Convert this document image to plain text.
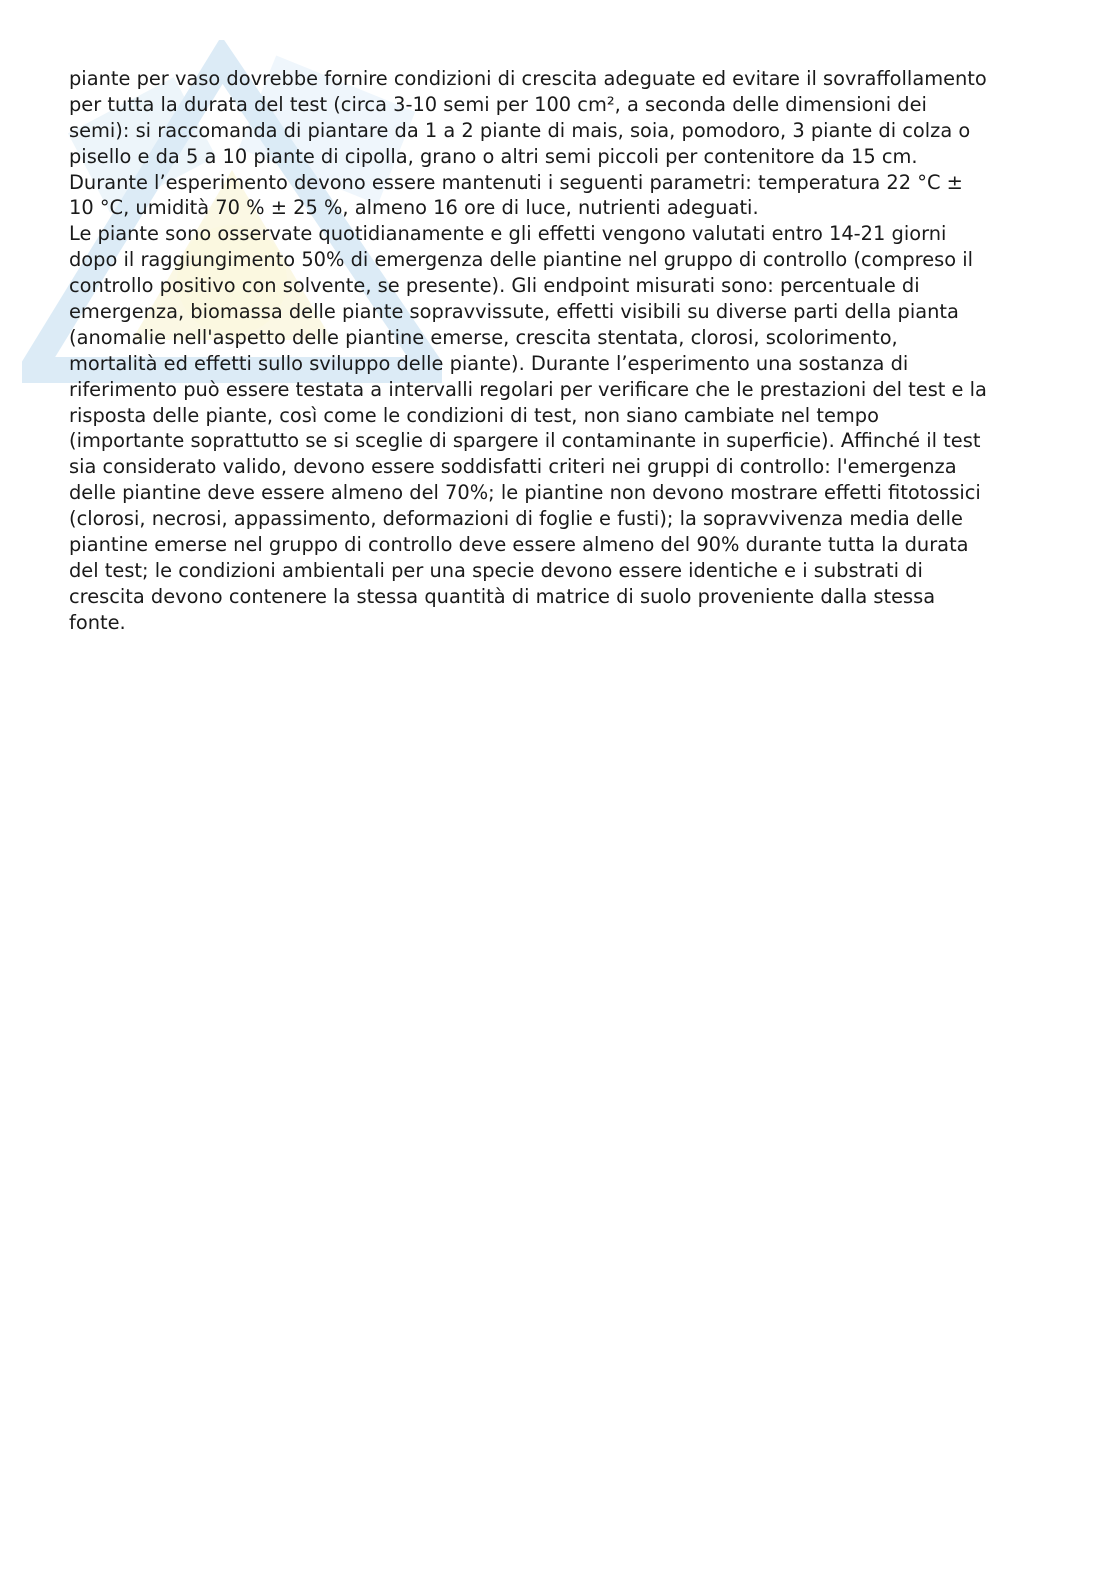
piante per vaso dovrebbe fornire condizioni di crescita adeguate ed evitare il sovraffollamento
per tutta la durata del test (circa 3-10 semi per 100 cm², a seconda delle dimensioni dei
semi): si raccomanda di piantare da 1 a 2 piante di mais, soia, pomodoro, 3 piante di colza o
pisello e da 5 a 10 piante di cipolla, grano o altri semi piccoli per contenitore da 15 cm.
Durante l’esperimento devono essere mantenuti i seguenti parametri: temperatura 22 °C ±
10 °C, umidità 70 % ± 25 %, almeno 16 ore di luce, nutrienti adeguati.
Le piante sono osservate quotidianamente e gli effetti vengono valutati entro 14-21 giorni
dopo il raggiungimento 50% di emergenza delle piantine nel gruppo di controllo (compreso il
controllo positivo con solvente, se presente). Gli endpoint misurati sono: percentuale di
emergenza, biomassa delle piante sopravvissute, effetti visibili su diverse parti della pianta
(anomalie nell'aspetto delle piantine emerse, crescita stentata, clorosi, scolorimento,
mortalità ed effetti sullo sviluppo delle piante). Durante l’esperimento una sostanza di
riferimento può essere testata a intervalli regolari per verificare che le prestazioni del test e la
risposta delle piante, così come le condizioni di test, non siano cambiate nel tempo
(importante soprattutto se si sceglie di spargere il contaminante in superficie). Affinché il test
sia considerato valido, devono essere soddisfatti criteri nei gruppi di controllo: l'emergenza
delle piantine deve essere almeno del 70%; le piantine non devono mostrare effetti fitotossici
(clorosi, necrosi, appassimento, deformazioni di foglie e fusti); la sopravvivenza media delle
piantine emerse nel gruppo di controllo deve essere almeno del 90% durante tutta la durata
del test; le condizioni ambientali per una specie devono essere identiche e i substrati di
crescita devono contenere la stessa quantità di matrice di suolo proveniente dalla stessa
fonte.
